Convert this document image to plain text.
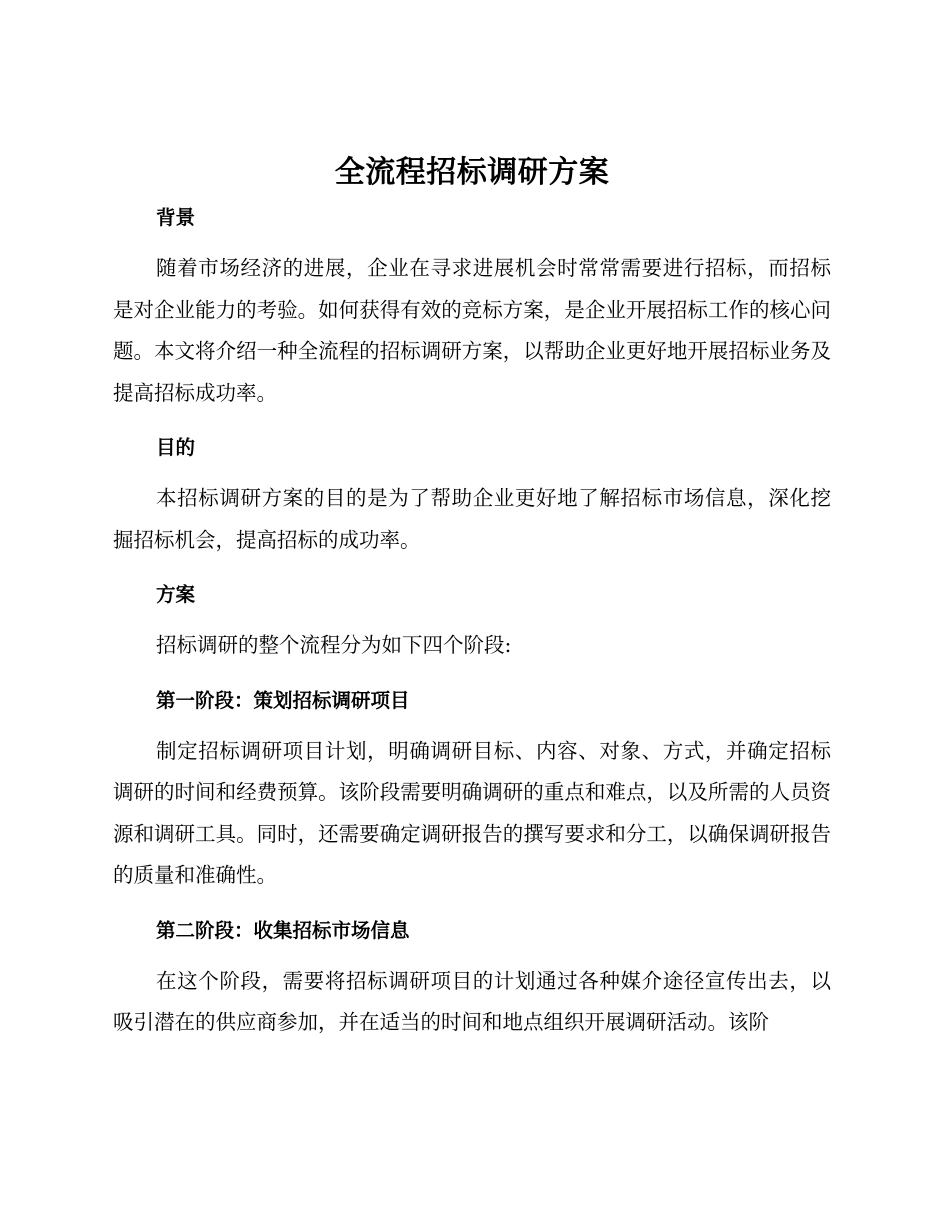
全流程招标调研方案
背景

随着市场经济的进展，企业在寻求进展机会时常常需要进行招标，而招标是对企业能力的考验。如何获得有效的竞标方案，是企业开展招标工作的核心问题。本文将介绍一种全流程的招标调研方案，以帮助企业更好地开展招标业务及提高招标成功率。

目的

本招标调研方案的目的是为了帮助企业更好地了解招标市场信息，深化挖掘招标机会，提高招标的成功率。

方案

招标调研的整个流程分为如下四个阶段:

第一阶段：策划招标调研项目

制定招标调研项目计划，明确调研目标、内容、对象、方式，并确定招标调研的时间和经费预算。该阶段需要明确调研的重点和难点，以及所需的人员资源和调研工具。同时，还需要确定调研报告的撰写要求和分工，以确保调研报告的质量和准确性。

第二阶段：收集招标市场信息

在这个阶段，需要将招标调研项目的计划通过各种媒介途径宣传出去，以吸引潜在的供应商参加，并在适当的时间和地点组织开展调研活动。该阶
